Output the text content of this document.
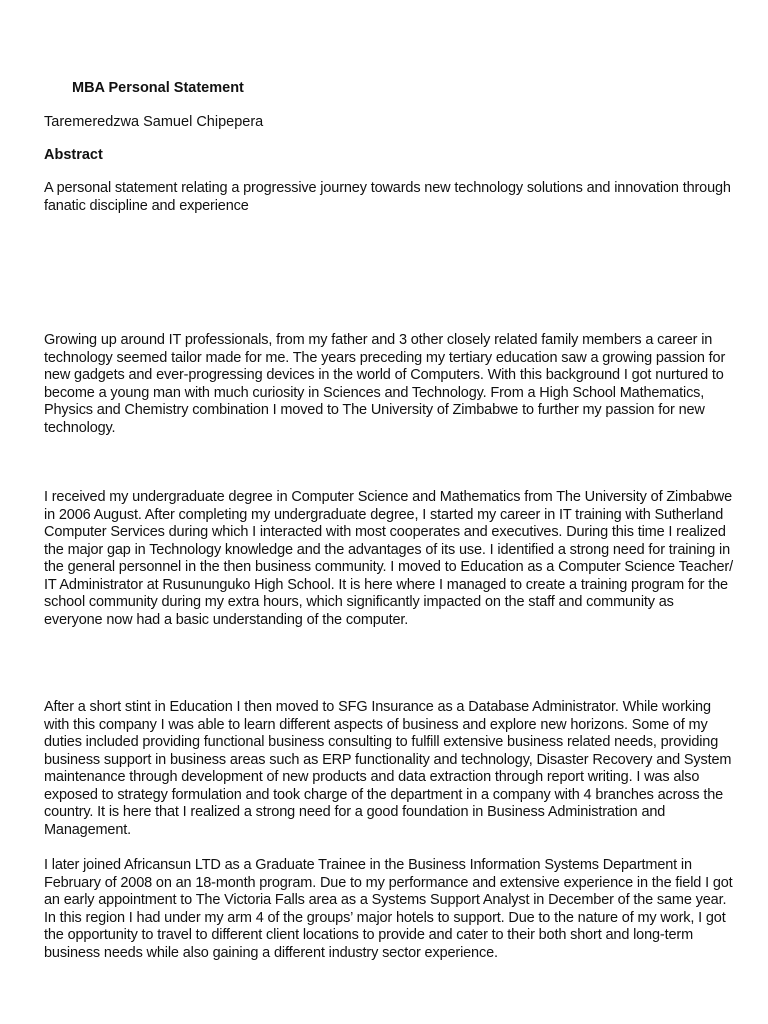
MBA Personal Statement

Taremeredzwa Samuel Chipepera

Abstract

A personal statement relating a progressive journey towards new technology solutions and innovation through fanatic discipline and experience

Growing up around IT professionals, from my father and 3 other closely related family members a career in technology seemed tailor made for me. The years preceding my tertiary education saw a growing passion for new gadgets and ever-progressing devices in the world of Computers. With this background I got nurtured to become a young man with much curiosity in Sciences and Technology. From a High School Mathematics, Physics and Chemistry combination I moved to The University of Zimbabwe to further my passion for new technology.

I received my undergraduate degree in Computer Science and Mathematics from The University of Zimbabwe in 2006 August. After completing my undergraduate degree, I started my career in IT training with Sutherland Computer Services during which I interacted with most cooperates and executives. During this time I realized the major gap in Technology knowledge and the advantages of its use. I identified a strong need for training in the general personnel in the then business community. I moved to Education as a Computer Science Teacher/ IT Administrator at Rusununguko High School. It is here where I managed to create a training program for the school community during my extra hours, which significantly impacted on the staff and community as everyone now had a basic understanding of the computer.

After a short stint in Education I then moved to SFG Insurance as a Database Administrator. While working with this company I was able to learn different aspects of business and explore new horizons. Some of my duties included providing functional business consulting to fulfill extensive business related needs, providing business support in business areas such as ERP functionality and technology, Disaster Recovery and System maintenance through development of new products and data extraction through report writing. I was also exposed to strategy formulation and took charge of the department in a company with 4 branches across the country. It is here that I realized a strong need for a good foundation in Business Administration and Management.

I later joined Africansun LTD as a Graduate Trainee in the Business Information Systems Department in February of 2008 on an 18-month program. Due to my performance and extensive experience in the field I got an early appointment to The Victoria Falls area as a Systems Support Analyst in December of the same year. In this region I had under my arm 4 of the groups’ major hotels to support. Due to the nature of my work, I got the opportunity to travel to different client locations to provide and cater to their both short and long-term business needs while also gaining a different industry sector experience.
